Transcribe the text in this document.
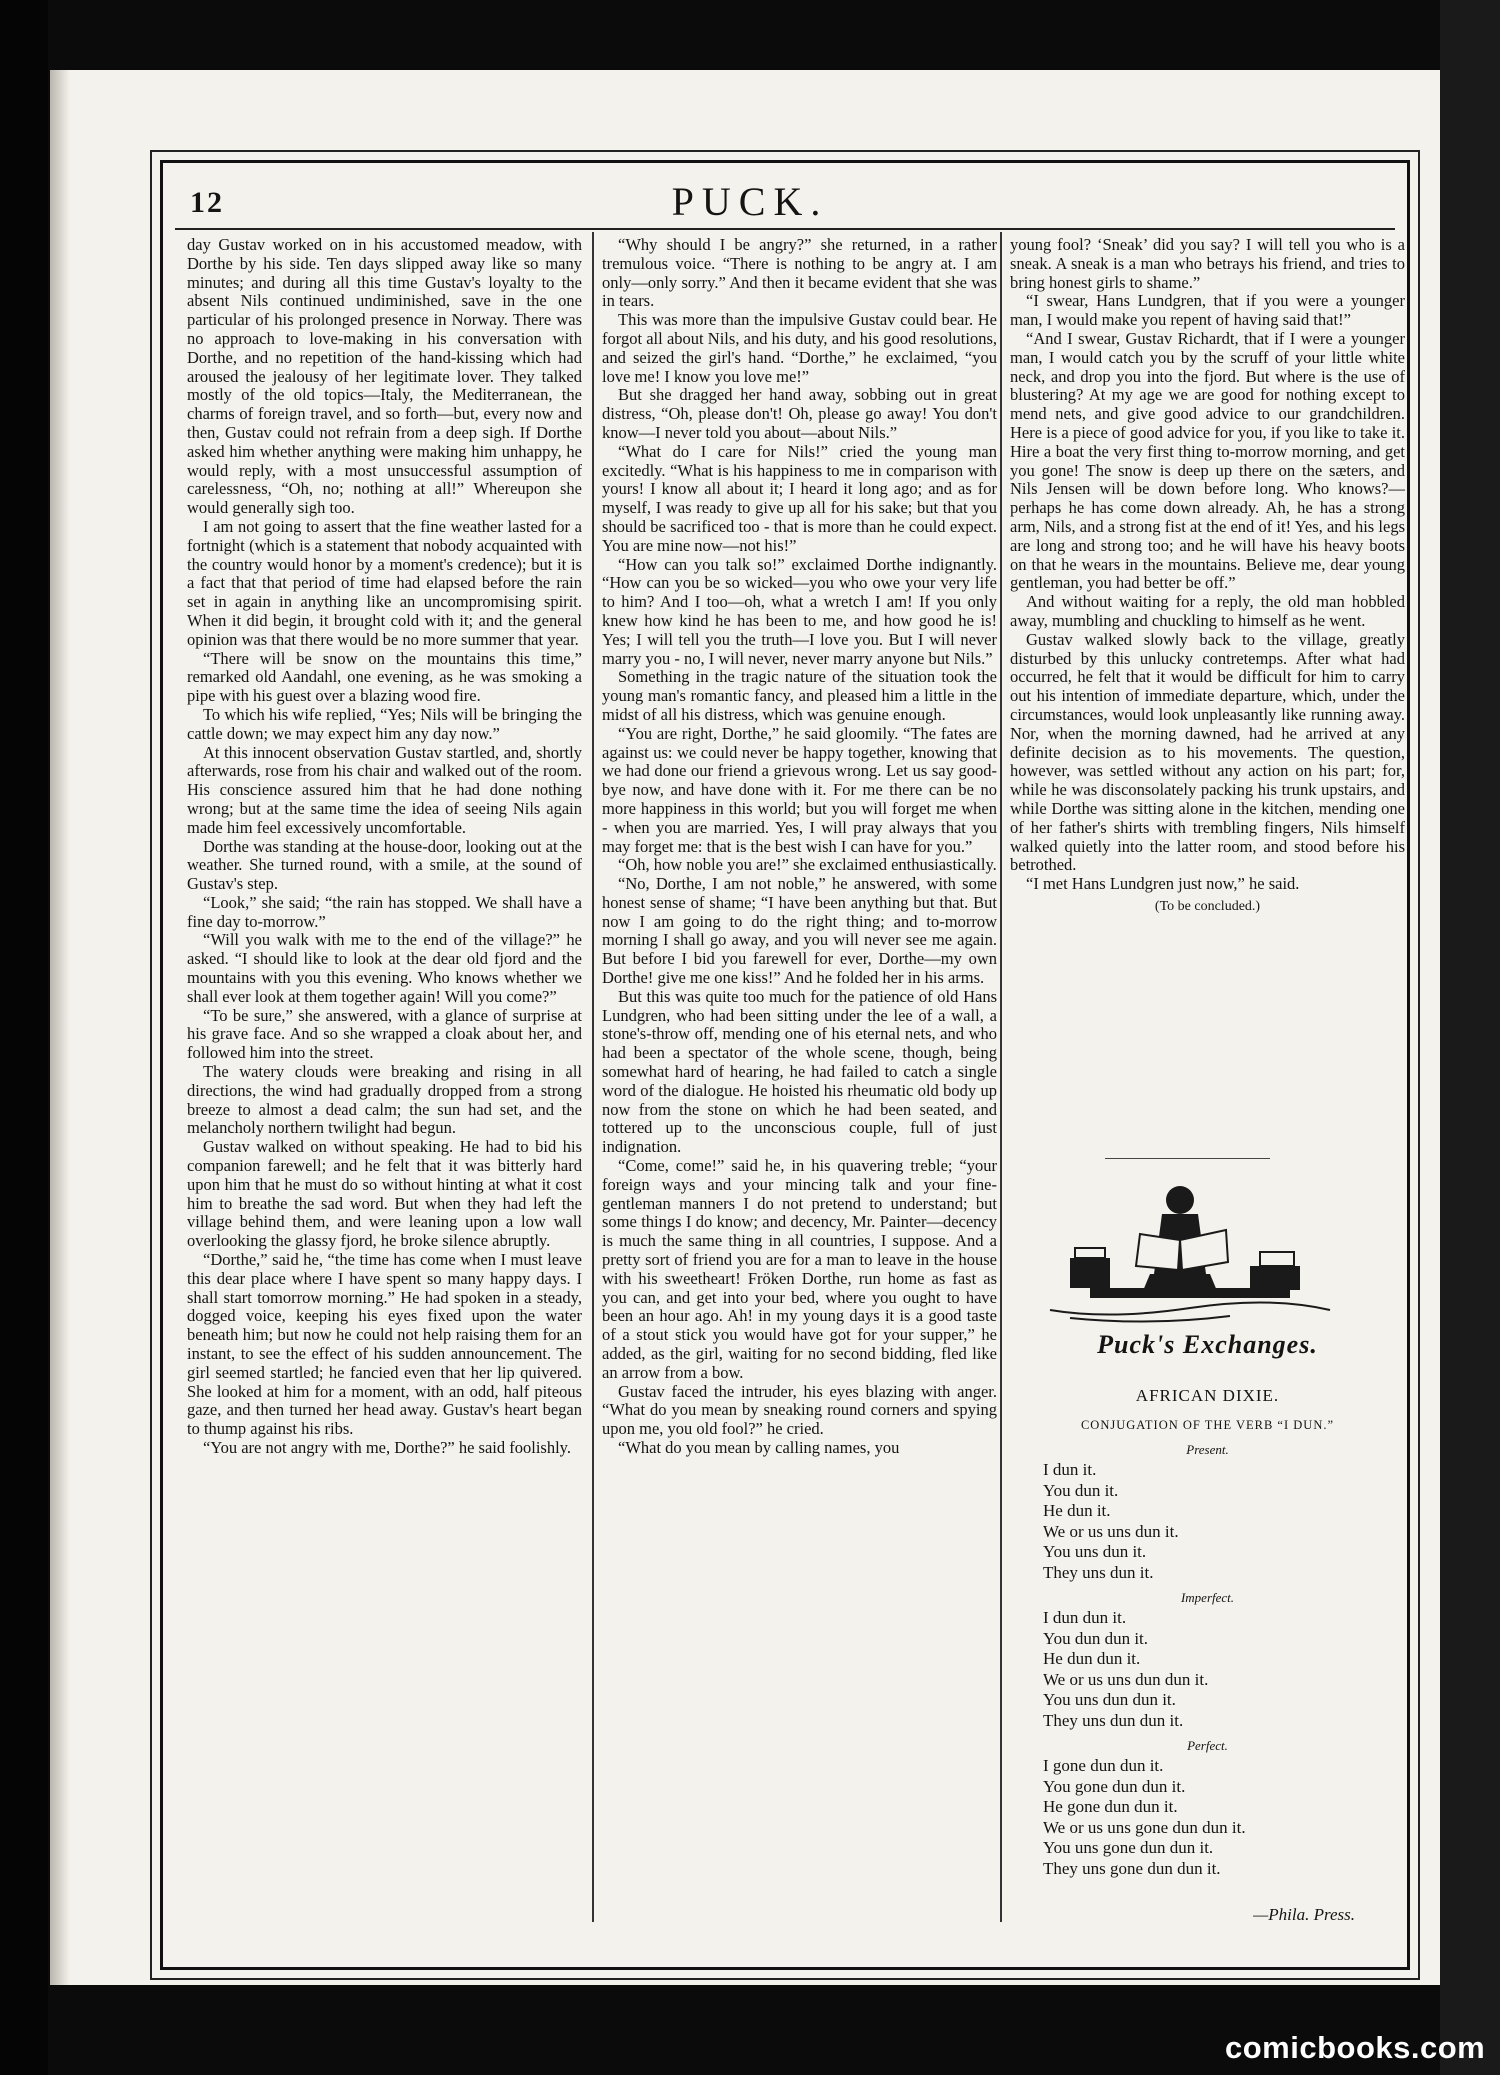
12	PUCK.

day Gustav worked on in his accustomed meadow, with Dorthe by his side. Ten days slipped away like so many minutes; and during all this time Gustav's loyalty to the absent Nils continued undiminished, save in the one particular of his prolonged presence in Norway. There was no approach to love-making in his conversation with Dorthe, and no repetition of the hand-kissing which had aroused the jealousy of her legitimate lover. They talked mostly of the old topics—Italy, the Mediterranean, the charms of foreign travel, and so forth—but, every now and then, Gustav could not refrain from a deep sigh. If Dorthe asked him whether anything were making him unhappy, he would reply, with a most unsuccessful assumption of carelessness, “Oh, no; nothing at all!” Whereupon she would generally sigh too.

I am not going to assert that the fine weather lasted for a fortnight (which is a statement that nobody acquainted with the country would honor by a moment's credence); but it is a fact that that period of time had elapsed before the rain set in again in anything like an uncompromising spirit. When it did begin, it brought cold with it; and the general opinion was that there would be no more summer that year.

“There will be snow on the mountains this time,” remarked old Aandahl, one evening, as he was smoking a pipe with his guest over a blazing wood fire.

To which his wife replied, “Yes; Nils will be bringing the cattle down; we may expect him any day now.”

At this innocent observation Gustav startled, and, shortly afterwards, rose from his chair and walked out of the room. His conscience assured him that he had done nothing wrong; but at the same time the idea of seeing Nils again made him feel excessively uncomfortable.

Dorthe was standing at the house-door, looking out at the weather. She turned round, with a smile, at the sound of Gustav's step.

“Look,” she said; “the rain has stopped. We shall have a fine day to-morrow.”

“Will you walk with me to the end of the village?” he asked. “I should like to look at the dear old fjord and the mountains with you this evening. Who knows whether we shall ever look at them together again! Will you come?”

“To be sure,” she answered, with a glance of surprise at his grave face. And so she wrapped a cloak about her, and followed him into the street.

The watery clouds were breaking and rising in all directions, the wind had gradually dropped from a strong breeze to almost a dead calm; the sun had set, and the melancholy northern twilight had begun.

Gustav walked on without speaking. He had to bid his companion farewell; and he felt that it was bitterly hard upon him that he must do so without hinting at what it cost him to breathe the sad word. But when they had left the village behind them, and were leaning upon a low wall overlooking the glassy fjord, he broke silence abruptly.

“Dorthe,” said he, “the time has come when I must leave this dear place where I have spent so many happy days. I shall start tomorrow morning.” He had spoken in a steady, dogged voice, keeping his eyes fixed upon the water beneath him; but now he could not help raising them for an instant, to see the effect of his sudden announcement. The girl seemed startled; he fancied even that her lip quivered. She looked at him for a moment, with an odd, half piteous gaze, and then turned her head away. Gustav's heart began to thump against his ribs.

“You are not angry with me, Dorthe?” he said foolishly.

“Why should I be angry?” she returned, in a rather tremulous voice. “There is nothing to be angry at. I am only—only sorry.” And then it became evident that she was in tears.

This was more than the impulsive Gustav could bear. He forgot all about Nils, and his duty, and his good resolutions, and seized the girl's hand. “Dorthe,” he exclaimed, “you love me! I know you love me!”

But she dragged her hand away, sobbing out in great distress, “Oh, please don't! Oh, please go away! You don't know—I never told you about—about Nils.”

“What do I care for Nils!” cried the young man excitedly. “What is his happiness to me in comparison with yours! I know all about it; I heard it long ago; and as for myself, I was ready to give up all for his sake; but that you should be sacrificed too - that is more than he could expect. You are mine now—not his!”

“How can you talk so!” exclaimed Dorthe indignantly. “How can you be so wicked—you who owe your very life to him? And I too—oh, what a wretch I am! If you only knew how kind he has been to me, and how good he is! Yes; I will tell you the truth—I love you. But I will never marry you - no, I will never, never marry anyone but Nils.”

Something in the tragic nature of the situation took the young man's romantic fancy, and pleased him a little in the midst of all his distress, which was genuine enough.

“You are right, Dorthe,” he said gloomily. “The fates are against us: we could never be happy together, knowing that we had done our friend a grievous wrong. Let us say good-bye now, and have done with it. For me there can be no more happiness in this world; but you will forget me when - when you are married. Yes, I will pray always that you may forget me: that is the best wish I can have for you.”

“Oh, how noble you are!” she exclaimed enthusiastically.

“No, Dorthe, I am not noble,” he answered, with some honest sense of shame; “I have been anything but that. But now I am going to do the right thing; and to-morrow morning I shall go away, and you will never see me again. But before I bid you farewell for ever, Dorthe—my own Dorthe! give me one kiss!” And he folded her in his arms.

But this was quite too much for the patience of old Hans Lundgren, who had been sitting under the lee of a wall, a stone's-throw off, mending one of his eternal nets, and who had been a spectator of the whole scene, though, being somewhat hard of hearing, he had failed to catch a single word of the dialogue. He hoisted his rheumatic old body up now from the stone on which he had been seated, and tottered up to the unconscious couple, full of just indignation.

“Come, come!” said he, in his quavering treble; “your foreign ways and your mincing talk and your fine-gentleman manners I do not pretend to understand; but some things I do know; and decency, Mr. Painter—decency is much the same thing in all countries, I suppose. And a pretty sort of friend you are for a man to leave in the house with his sweetheart! Fröken Dorthe, run home as fast as you can, and get into your bed, where you ought to have been an hour ago. Ah! in my young days it is a good taste of a stout stick you would have got for your supper,” he added, as the girl, waiting for no second bidding, fled like an arrow from a bow.

Gustav faced the intruder, his eyes blazing with anger. “What do you mean by sneaking round corners and spying upon me, you old fool?” he cried.

“What do you mean by calling names, you

young fool? ‘Sneak’ did you say? I will tell you who is a sneak. A sneak is a man who betrays his friend, and tries to bring honest girls to shame.”

“I swear, Hans Lundgren, that if you were a younger man, I would make you repent of having said that!”

“And I swear, Gustav Richardt, that if I were a younger man, I would catch you by the scruff of your little white neck, and drop you into the fjord. But where is the use of blustering? At my age we are good for nothing except to mend nets, and give good advice to our grandchildren. Here is a piece of good advice for you, if you like to take it. Hire a boat the very first thing to-morrow morning, and get you gone! The snow is deep up there on the sæters, and Nils Jensen will be down before long. Who knows?—perhaps he has come down already. Ah, he has a strong arm, Nils, and a strong fist at the end of it! Yes, and his legs are long and strong too; and he will have his heavy boots on that he wears in the mountains. Believe me, dear young gentleman, you had better be off.”

And without waiting for a reply, the old man hobbled away, mumbling and chuckling to himself as he went.

Gustav walked slowly back to the village, greatly disturbed by this unlucky contretemps. After what had occurred, he felt that it would be difficult for him to carry out his intention of immediate departure, which, under the circumstances, would look unpleasantly like running away. Nor, when the morning dawned, had he arrived at any definite decision as to his movements. The question, however, was settled without any action on his part; for, while he was disconsolately packing his trunk upstairs, and while Dorthe was sitting alone in the kitchen, mending one of her father's shirts with trembling fingers, Nils himself walked quietly into the latter room, and stood before his betrothed.

“I met Hans Lundgren just now,” he said.

(To be concluded.)

Puck's Exchanges.
AFRICAN DIXIE.
CONJUGATION OF THE VERB “I DUN.”
Present.
I dun it.
You dun it.
He dun it.
We or us uns dun it.
You uns dun it.
They uns dun it.
Imperfect.
I dun dun it.
You dun dun it.
He dun dun it.
We or us uns dun dun it.
You uns dun dun it.
They uns dun dun it.
Perfect.
I gone dun dun it.
You gone dun dun it.
He gone dun dun it.
We or us uns gone dun dun it.
You uns gone dun dun it.
They uns gone dun dun it.
—Phila. Press.
comicbooks.com
